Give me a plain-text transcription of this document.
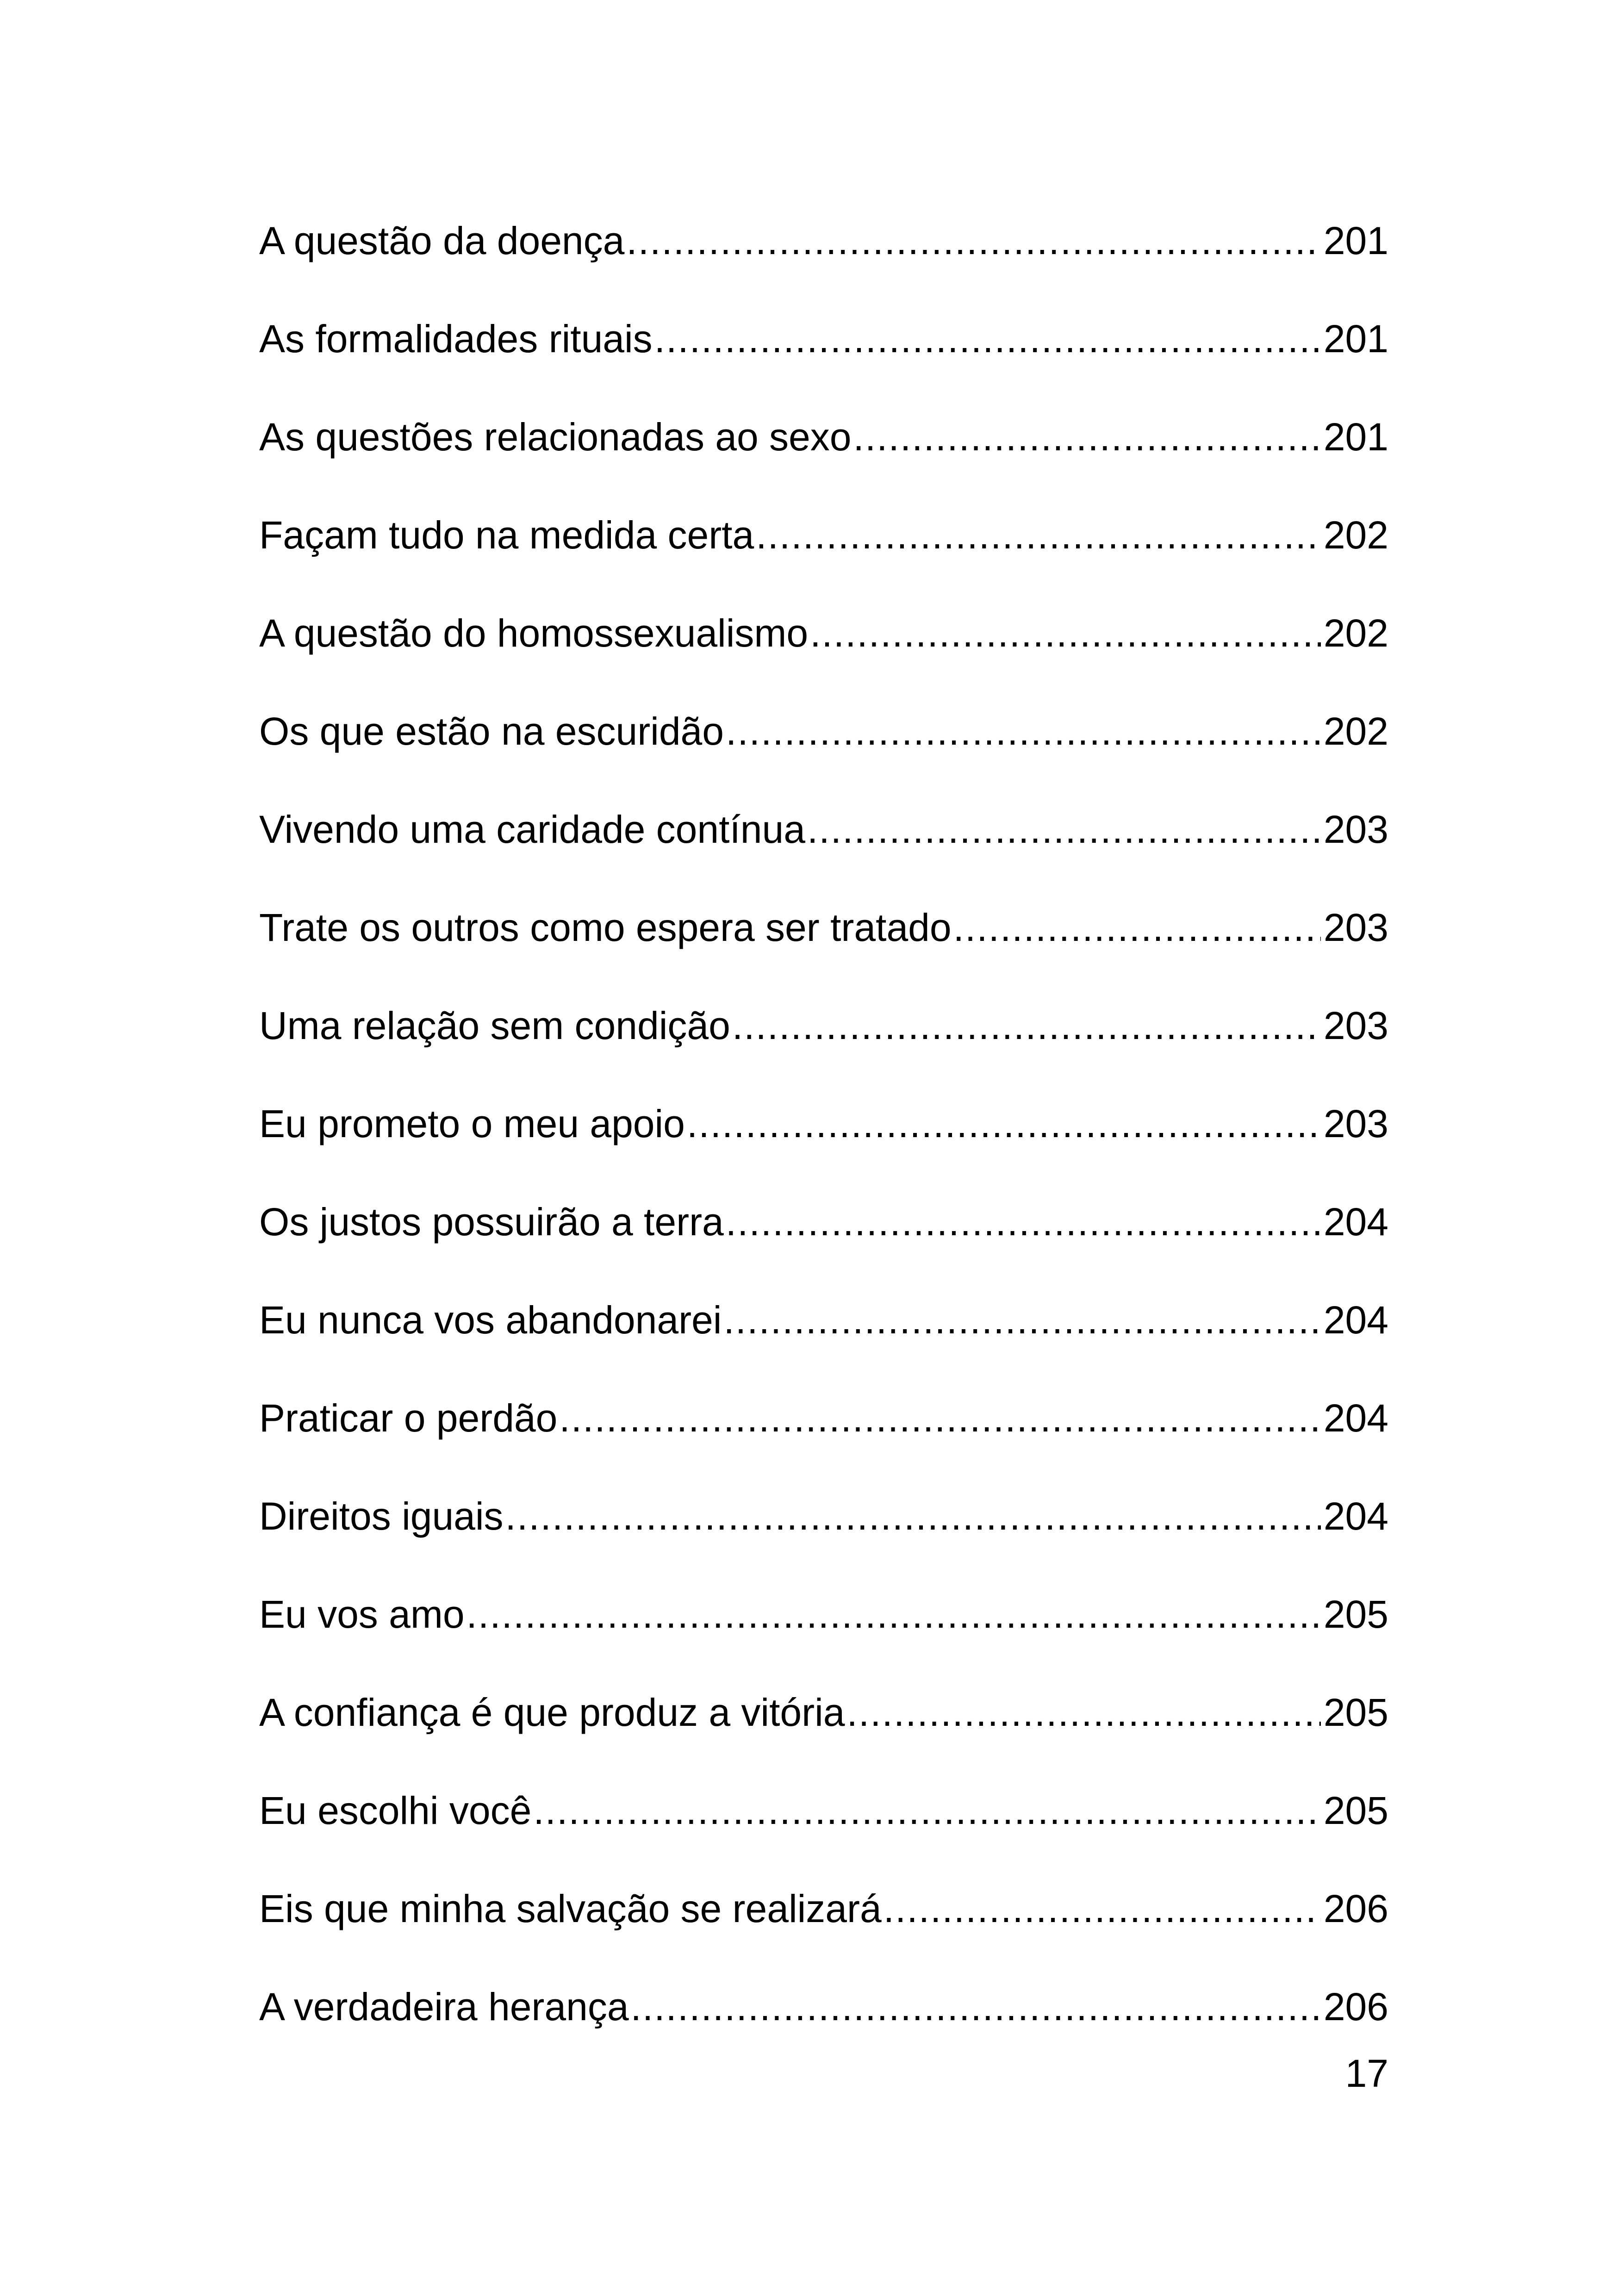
A questão da doença .....	201
As formalidades rituais .....	201
As questões relacionadas ao sexo .....	201
Façam tudo na medida certa .....	202
A questão do homossexualismo .....	202
Os que estão na escuridão .....	202
Vivendo uma caridade contínua .....	203
Trate os outros como espera ser tratado .....	203
Uma relação sem condição .....	203
Eu prometo o meu apoio .....	203
Os justos possuirão a terra .....	204
Eu nunca vos abandonarei .....	204
Praticar o perdão .....	204
Direitos iguais .....	204
Eu vos amo .....	205
A confiança é que produz a vitória .....	205
Eu escolhi você .....	205
Eis que minha salvação se realizará .....	206
A verdadeira herança .....	206
17
